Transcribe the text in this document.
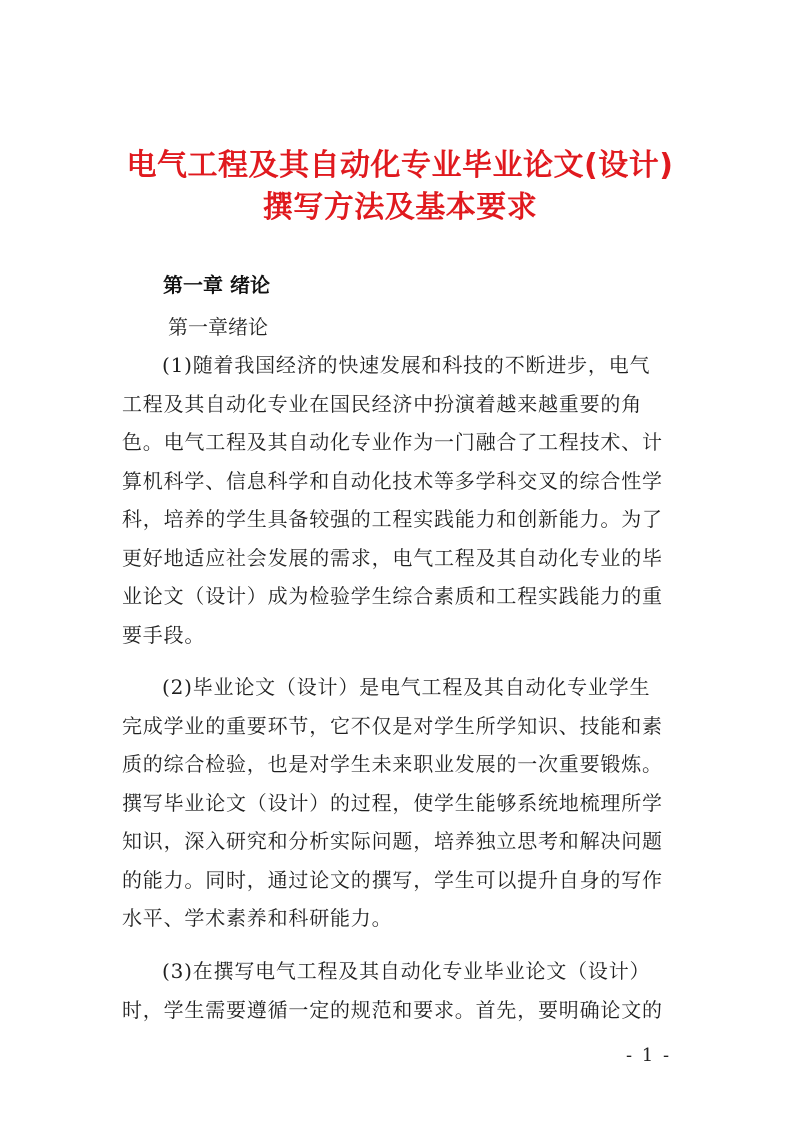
电气工程及其自动化专业毕业论文(设计)
撰写方法及基本要求
第一章 绪论
第一章绪论
(1)随着我国经济的快速发展和科技的不断进步，电气
工程及其自动化专业在国民经济中扮演着越来越重要的角
色。电气工程及其自动化专业作为一门融合了工程技术、计
算机科学、信息科学和自动化技术等多学科交叉的综合性学
科，培养的学生具备较强的工程实践能力和创新能力。为了
更好地适应社会发展的需求，电气工程及其自动化专业的毕
业论文（设计）成为检验学生综合素质和工程实践能力的重
要手段。
(2)毕业论文（设计）是电气工程及其自动化专业学生
完成学业的重要环节，它不仅是对学生所学知识、技能和素
质的综合检验，也是对学生未来职业发展的一次重要锻炼。
撰写毕业论文（设计）的过程，使学生能够系统地梳理所学
知识，深入研究和分析实际问题，培养独立思考和解决问题
的能力。同时，通过论文的撰写，学生可以提升自身的写作
水平、学术素养和科研能力。
(3)在撰写电气工程及其自动化专业毕业论文（设计）
时，学生需要遵循一定的规范和要求。首先，要明确论文的
- 1 -
